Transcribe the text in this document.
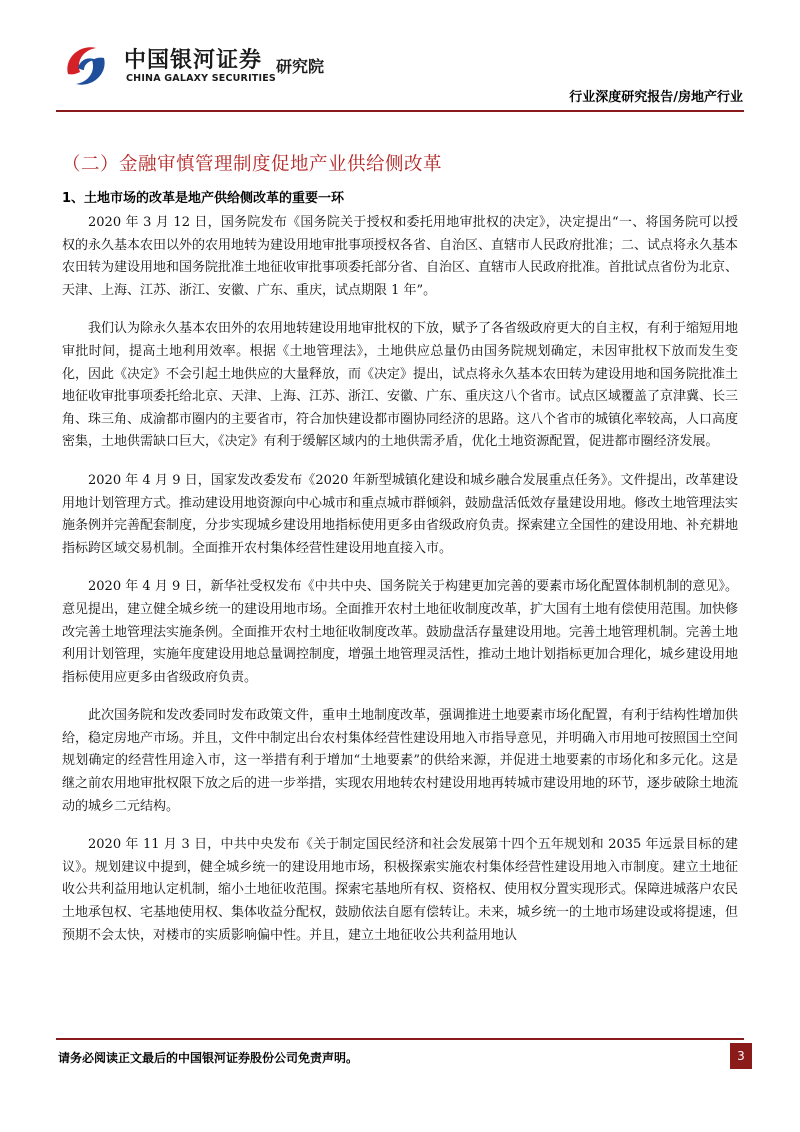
中国银河证券
CHINA GALAXY SECURITIES
研究院
行业深度研究报告/房地产行业
（二）金融审慎管理制度促地产业供给侧改革
1、土地市场的改革是地产供给侧改革的重要一环

2020 年 3 月 12 日，国务院发布《国务院关于授权和委托用地审批权的决定》，决定提出“一、将国务院可以授权的永久基本农田以外的农用地转为建设用地审批事项授权各省、自治区、直辖市人民政府批准；二、试点将永久基本农田转为建设用地和国务院批准土地征收审批事项委托部分省、自治区、直辖市人民政府批准。首批试点省份为北京、天津、上海、江苏、浙江、安徽、广东、重庆，试点期限 1 年”。

我们认为除永久基本农田外的农用地转建设用地审批权的下放，赋予了各省级政府更大的自主权，有利于缩短用地审批时间，提高土地利用效率。根据《土地管理法》，土地供应总量仍由国务院规划确定，未因审批权下放而发生变化，因此《决定》不会引起土地供应的大量释放，而《决定》提出，试点将永久基本农田转为建设用地和国务院批准土地征收审批事项委托给北京、天津、上海、江苏、浙江、安徽、广东、重庆这八个省市。试点区域覆盖了京津冀、长三角、珠三角、成渝都市圈内的主要省市，符合加快建设都市圈协同经济的思路。这八个省市的城镇化率较高，人口高度密集，土地供需缺口巨大，《决定》有利于缓解区域内的土地供需矛盾，优化土地资源配置，促进都市圈经济发展。

2020 年 4 月 9 日，国家发改委发布《2020 年新型城镇化建设和城乡融合发展重点任务》。文件提出，改革建设用地计划管理方式。推动建设用地资源向中心城市和重点城市群倾斜，鼓励盘活低效存量建设用地。修改土地管理法实施条例并完善配套制度，分步实现城乡建设用地指标使用更多由省级政府负责。探索建立全国性的建设用地、补充耕地指标跨区域交易机制。全面推开农村集体经营性建设用地直接入市。

2020 年 4 月 9 日，新华社受权发布《中共中央、国务院关于构建更加完善的要素市场化配置体制机制的意见》。意见提出，建立健全城乡统一的建设用地市场。全面推开农村土地征收制度改革，扩大国有土地有偿使用范围。加快修改完善土地管理法实施条例。全面推开农村土地征收制度改革。鼓励盘活存量建设用地。完善土地管理机制。完善土地利用计划管理，实施年度建设用地总量调控制度，增强土地管理灵活性，推动土地计划指标更加合理化，城乡建设用地指标使用应更多由省级政府负责。

此次国务院和发改委同时发布政策文件，重申土地制度改革，强调推进土地要素市场化配置，有利于结构性增加供给，稳定房地产市场。并且，文件中制定出台农村集体经营性建设用地入市指导意见，并明确入市用地可按照国土空间规划确定的经营性用途入市，这一举措有利于增加“土地要素”的供给来源，并促进土地要素的市场化和多元化。这是继之前农用地审批权限下放之后的进一步举措，实现农用地转农村建设用地再转城市建设用地的环节，逐步破除土地流动的城乡二元结构。

2020 年 11 月 3 日，中共中央发布《关于制定国民经济和社会发展第十四个五年规划和 2035 年远景目标的建议》。规划建议中提到，健全城乡统一的建设用地市场，积极探索实施农村集体经营性建设用地入市制度。建立土地征收公共利益用地认定机制，缩小土地征收范围。探索宅基地所有权、资格权、使用权分置实现形式。保障进城落户农民土地承包权、宅基地使用权、集体收益分配权，鼓励依法自愿有偿转让。未来，城乡统一的土地市场建设或将提速，但预期不会太快，对楼市的实质影响偏中性。并且，建立土地征收公共利益用地认

请务必阅读正文最后的中国银河证券股份公司免责声明。	3
